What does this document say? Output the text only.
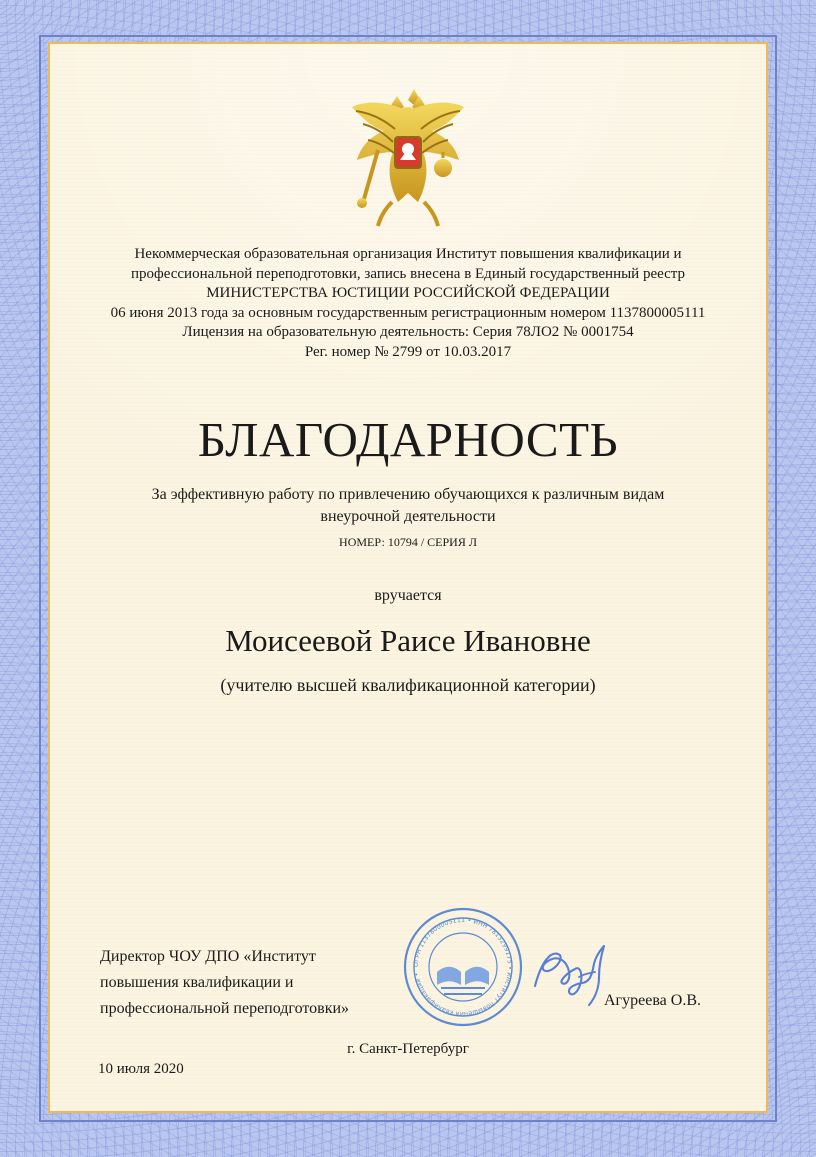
Некоммерческая образовательная организация Институт повышения квалификации и
профессиональной переподготовки, запись внесена в Единый государственный реестр
МИНИСТЕРСТВА ЮСТИЦИИ РОССИЙСКОЙ ФЕДЕРАЦИИ
06 июня 2013 года за основным государственным регистрационным номером 1137800005111
Лицензия на образовательную деятельность: Серия 78ЛО2 № 0001754
Рег. номер № 2799 от 10.03.2017
БЛАГОДАРНОСТЬ
За эффективную работу по привлечению обучающихся к различным видам
внеурочной деятельности
НОМЕР: 10794 / СЕРИЯ Л
вручается
Моисеевой Раисе Ивановне
(учителю высшей квалификационной категории)
Директор ЧОУ ДПО «Институт
повышения квалификации и
профессиональной переподготовки»
ОГРН 1137800005111 • ИНН 7813299175 • Институт повышения квалификации •
Агуреева О.В.
г. Санкт-Петербург
10 июля 2020
